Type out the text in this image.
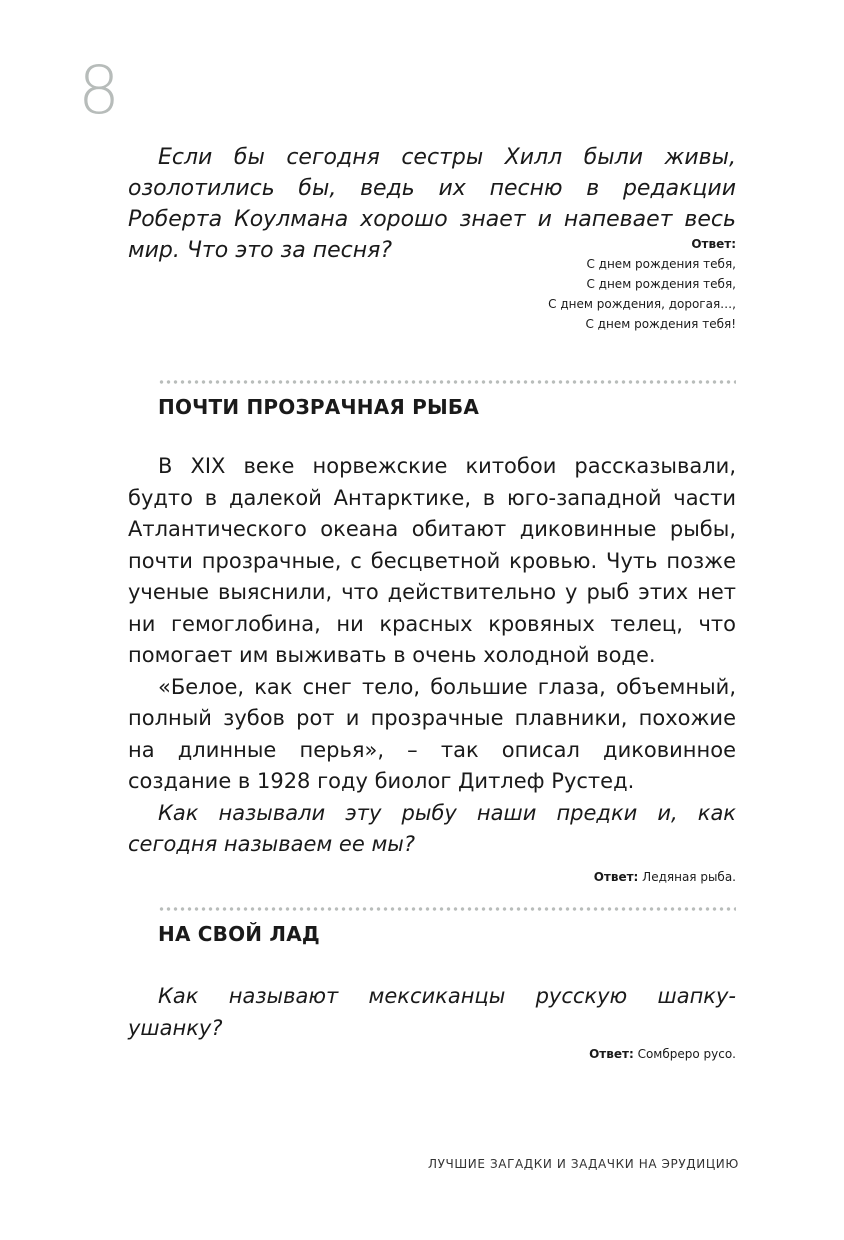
8

Если бы сегодня сестры Хилл были живы, озолотились бы, ведь их песню в редакции Роберта Коулмана хорошо знает и напевает весь мир. Что это за песня?	Ответ:

С днем рождения тебя,

С днем рождения тебя,

С днем рождения, дорогая…,

С днем рождения тебя!

ПОЧТИ ПРОЗРАЧНАЯ РЫБА

В XIX веке норвежские китобои рассказывали, будто в далекой Антарктике, в юго-западной части Атлантического океана обитают диковинные рыбы, почти прозрачные, с бесцветной кровью. Чуть позже ученые выяснили, что действительно у рыб этих нет ни гемоглобина, ни красных кровяных телец, что помогает им выживать в очень холодной воде.

«Белое, как снег тело, большие глаза, объемный, полный зубов рот и прозрачные плавники, похожие на длинные перья», – так описал диковинное создание в 1928 году биолог Дитлеф Рустед.

Как называли эту рыбу наши предки и, как сегодня называем ее мы?

Ответ: Ледяная рыба.

НА СВОЙ ЛАД

Как называют мексиканцы русскую шапку-ушанку?

Ответ: Сомбреро русо.

ЛУЧШИЕ ЗАГАДКИ И ЗАДАЧКИ НА ЭРУДИЦИЮ
